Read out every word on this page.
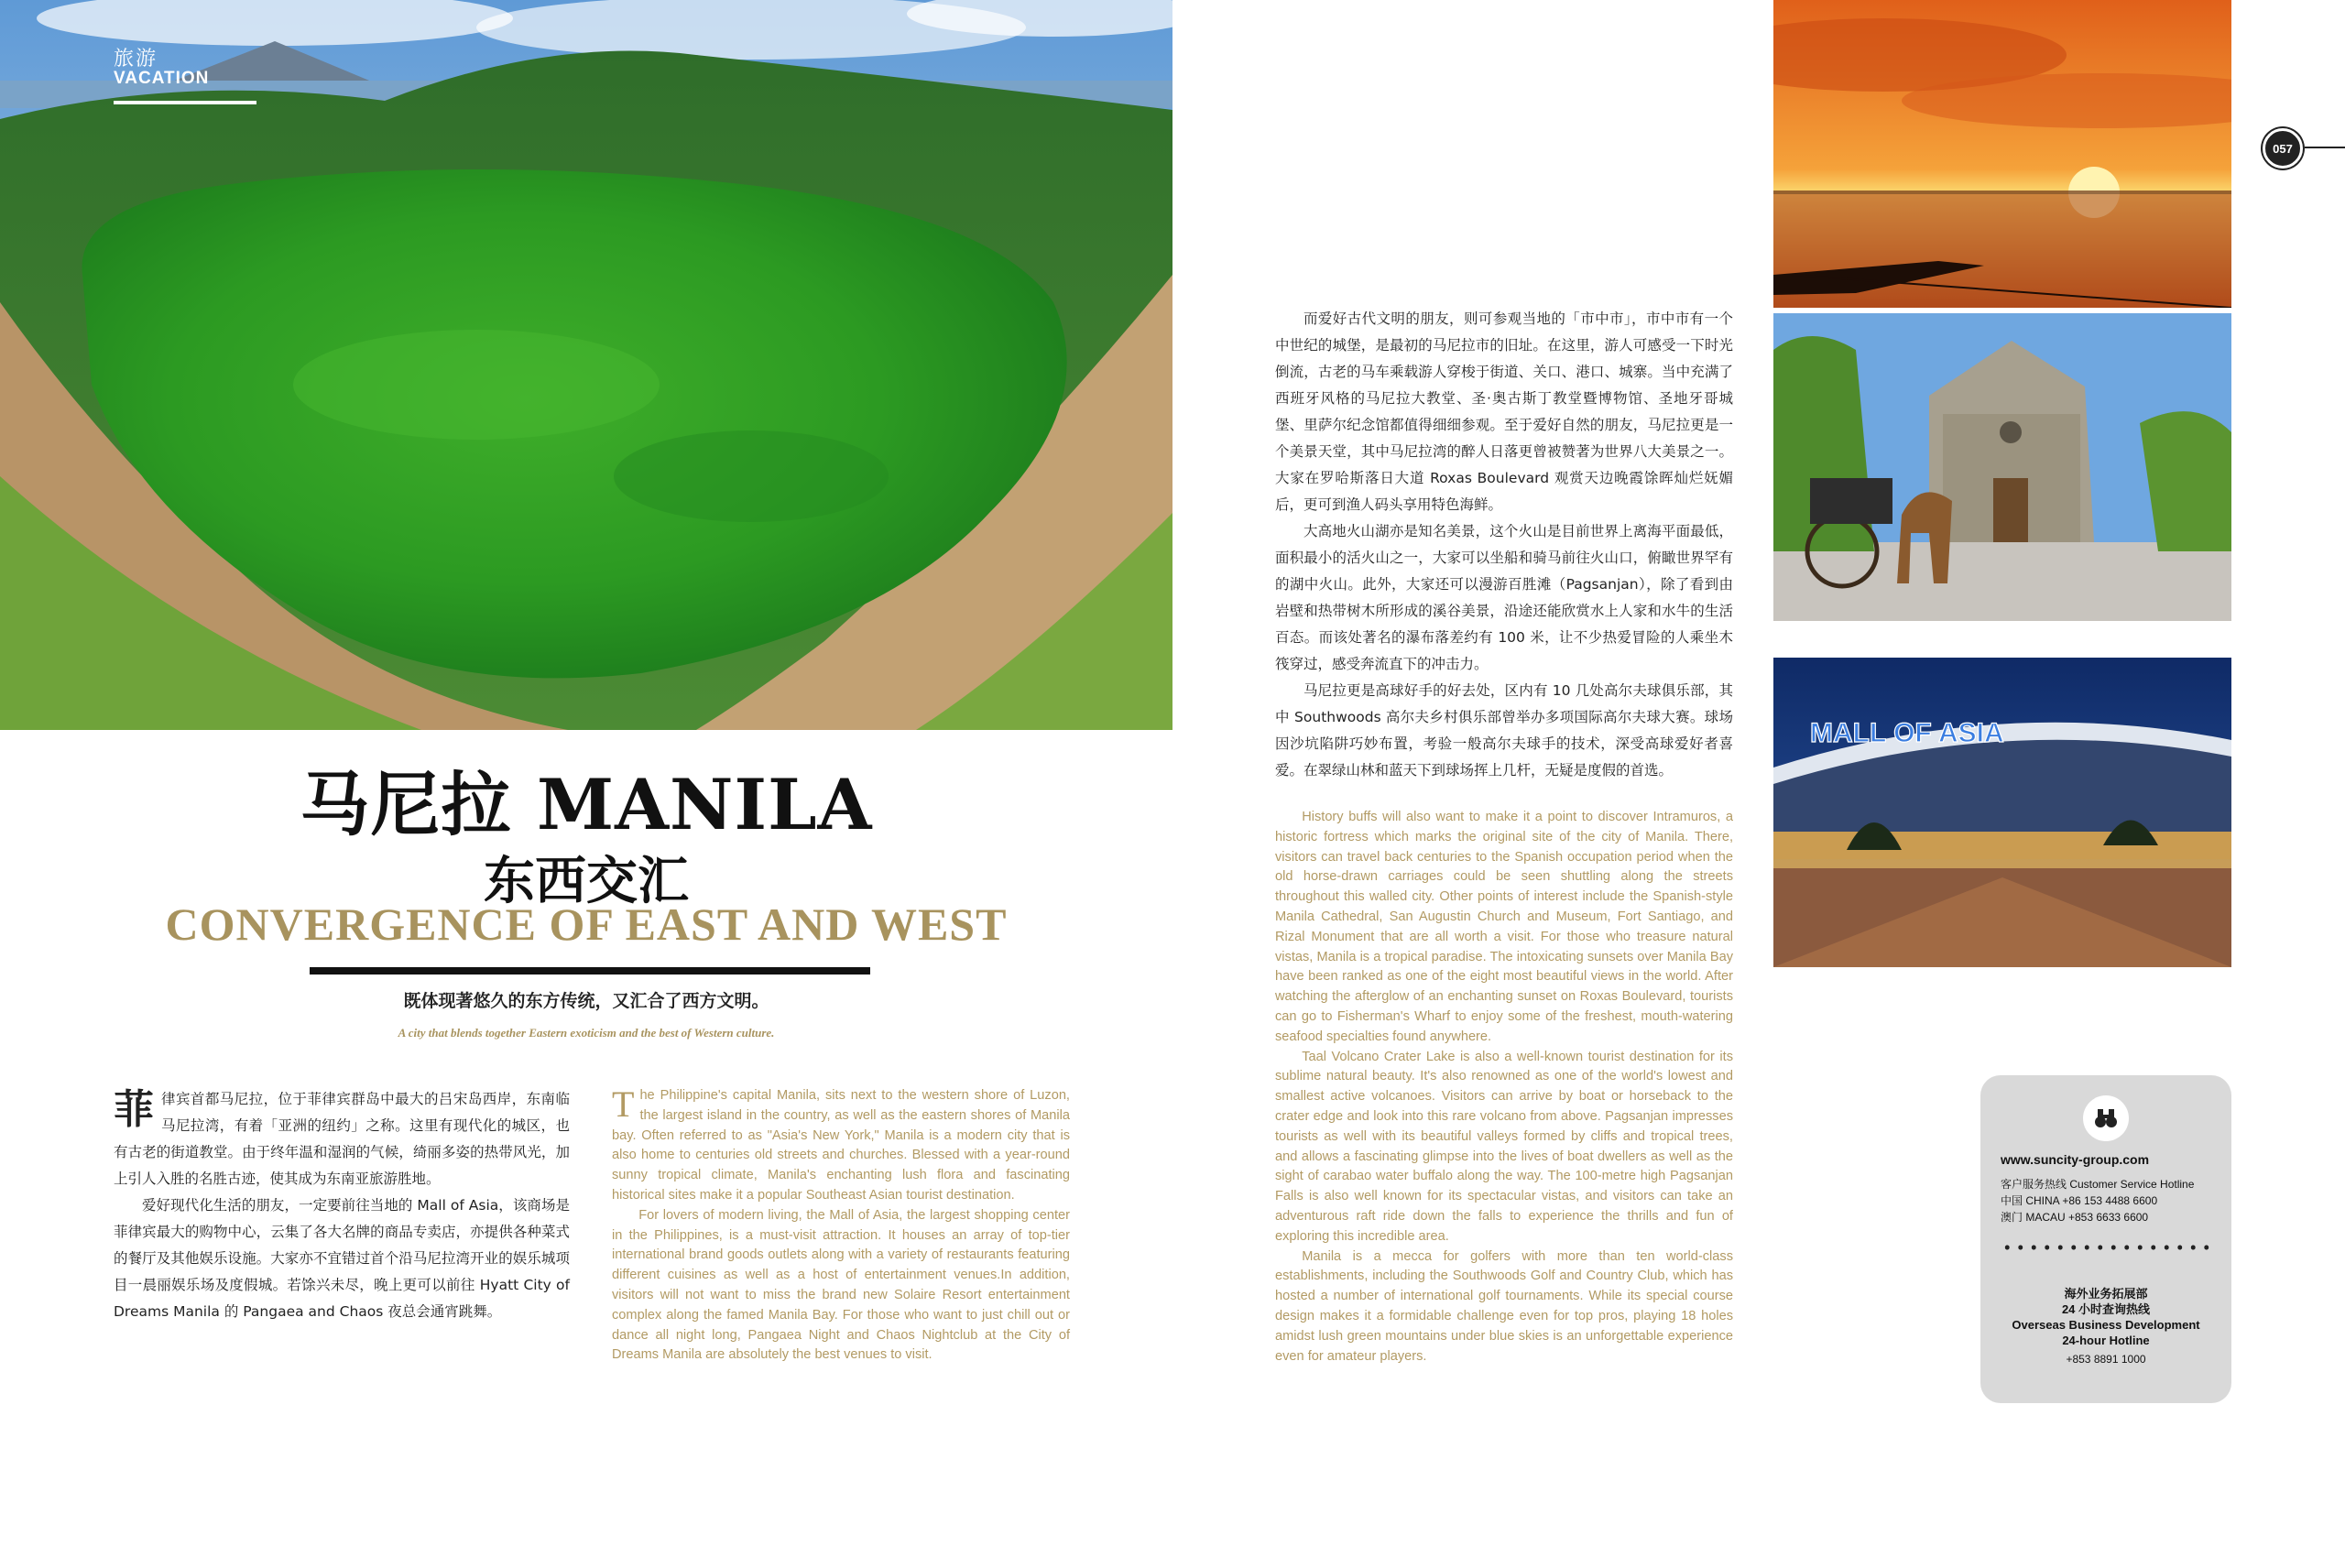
旅游
VACATION
马尼拉 MANILA
东西交汇
CONVERGENCE OF EAST AND WEST
既体现著悠久的东方传统，又汇合了西方文明。
A city that blends together Eastern exoticism and the best of Western culture.

菲律宾首都马尼拉，位于菲律宾群岛中最大的吕宋岛西岸，东南临马尼拉湾，有着「亚洲的纽约」之称。这里有现代化的城区，也有古老的街道教堂。由于终年温和湿润的气候，绮丽多姿的热带风光，加上引人入胜的名胜古迹，使其成为东南亚旅游胜地。

爱好现代化生活的朋友，一定要前往当地的 Mall of Asia，该商场是菲律宾最大的购物中心，云集了各大名牌的商品专卖店，亦提供各种菜式的餐厅及其他娱乐设施。大家亦不宜错过首个沿马尼拉湾开业的娱乐城项目一晨丽娱乐场及度假城。若馀兴未尽，晚上更可以前往 Hyatt City of Dreams Manila 的 Pangaea and Chaos 夜总会通宵跳舞。

The Philippine's capital Manila, sits next to the western shore of Luzon, the largest island in the country, as well as the eastern shores of Manila bay. Often referred to as "Asia's New York," Manila is a modern city that is also home to centuries old streets and churches. Blessed with a year-round sunny tropical climate, Manila's enchanting lush flora and fascinating historical sites make it a popular Southeast Asian tourist destination.

For lovers of modern living, the Mall of Asia, the largest shopping center in the Philippines, is a must-visit attraction. It houses an array of top-tier international brand goods outlets along with a variety of restaurants featuring different cuisines as well as a host of entertainment venues.In addition, visitors will not want to miss the brand new Solaire Resort entertainment complex along the famed Manila Bay. For those who want to just chill out or dance all night long, Pangaea Night and Chaos Nightclub at the City of Dreams Manila are absolutely the best venues to visit.

而爱好古代文明的朋友，则可参观当地的「市中市」，市中市有一个中世纪的城堡，是最初的马尼拉市的旧址。在这里，游人可感受一下时光倒流，古老的马车乘载游人穿梭于街道、关口、港口、城寨。当中充满了西班牙风格的马尼拉大教堂、圣·奥古斯丁教堂暨博物馆、圣地牙哥城堡、里萨尔纪念馆都值得细细参观。至于爱好自然的朋友，马尼拉更是一个美景天堂，其中马尼拉湾的醉人日落更曾被赞著为世界八大美景之一。大家在罗哈斯落日大道 Roxas Boulevard 观赏天边晚霞馀晖灿烂妩媚后，更可到渔人码头享用特色海鲜。

大高地火山湖亦是知名美景，这个火山是目前世界上离海平面最低，面积最小的活火山之一，大家可以坐船和骑马前往火山口，俯瞰世界罕有的湖中火山。此外，大家还可以漫游百胜滩（Pagsanjan），除了看到由岩壁和热带树木所形成的溪谷美景，沿途还能欣赏水上人家和水牛的生活百态。而该处著名的瀑布落差约有 100 米，让不少热爱冒险的人乘坐木筏穿过，感受奔流直下的冲击力。

马尼拉更是高球好手的好去处，区内有 10 几处高尔夫球俱乐部，其中 Southwoods 高尔夫乡村俱乐部曾举办多项国际高尔夫球大赛。球场因沙坑陷阱巧妙布置，考验一般高尔夫球手的技术，深受高球爱好者喜爱。在翠绿山林和蓝天下到球场挥上几杆，无疑是度假的首选。

History buffs will also want to make it a point to discover Intramuros, a historic fortress which marks the original site of the city of Manila. There, visitors can travel back centuries to the Spanish occupation period when the old horse-drawn carriages could be seen shuttling along the streets throughout this walled city. Other points of interest include the Spanish-style Manila Cathedral, San Augustin Church and Museum, Fort Santiago, and Rizal Monument that are all worth a visit. For those who treasure natural vistas, Manila is a tropical paradise. The intoxicating sunsets over Manila Bay have been ranked as one of the eight most beautiful views in the world. After watching the afterglow of an enchanting sunset on Roxas Boulevard, tourists can go to Fisherman's Wharf to enjoy some of the freshest, mouth-watering seafood specialties found anywhere.

Taal Volcano Crater Lake is also a well-known tourist destination for its sublime natural beauty. It's also renowned as one of the world's lowest and smallest active volcanoes. Visitors can arrive by boat or horseback to the crater edge and look into this rare volcano from above. Pagsanjan impresses tourists as well with its beautiful valleys formed by cliffs and tropical trees, and allows a fascinating glimpse into the lives of boat dwellers as well as the sight of carabao water buffalo along the way. The 100-metre high Pagsanjan Falls is also well known for its spectacular vistas, and visitors can take an adventurous raft ride down the falls to experience the thrills and fun of exploring this incredible area.

Manila is a mecca for golfers with more than ten world-class establishments, including the Southwoods Golf and Country Club, which has hosted a number of international golf tournaments. While its special course design makes it a formidable challenge even for top pros, playing 18 holes amidst lush green mountains under blue skies is an unforgettable experience even for amateur players.

MALL OF ASIA
057
www.suncity-group.com
客户服务热线 Customer Service Hotline
中国 CHINA +86 153 4488 6600
澳门 MACAU +853 6633 6600
海外业务拓展部
24 小时查询热线
Overseas Business Development
24-hour Hotline
+853 8891 1000
